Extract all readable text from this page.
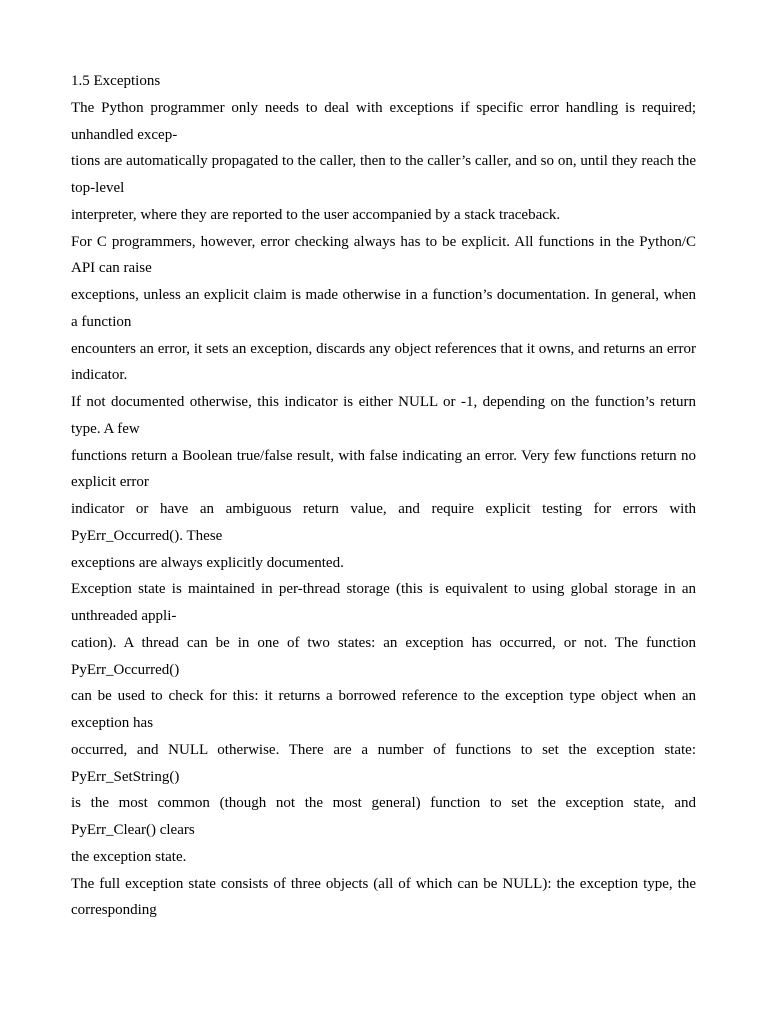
1.5 Exceptions

The Python programmer only needs to deal with exceptions if specific error handling is required; unhandled excep-

tions are automatically propagated to the caller, then to the caller’s caller, and so on, until they reach the top-level

interpreter, where they are reported to the user accompanied by a stack traceback.

For C programmers, however, error checking always has to be explicit. All functions in the Python/C API can raise

exceptions, unless an explicit claim is made otherwise in a function’s documentation. In general, when a function

encounters an error, it sets an exception, discards any object references that it owns, and returns an error indicator.

If not documented otherwise, this indicator is either NULL or -1, depending on the function’s return type. A few

functions return a Boolean true/false result, with false indicating an error. Very few functions return no explicit error

indicator or have an ambiguous return value, and require explicit testing for errors with PyErr_Occurred(). These

exceptions are always explicitly documented.

Exception state is maintained in per-thread storage (this is equivalent to using global storage in an unthreaded appli-

cation). A thread can be in one of two states: an exception has occurred, or not. The function PyErr_Occurred()

can be used to check for this: it returns a borrowed reference to the exception type object when an exception has

occurred, and NULL otherwise. There are a number of functions to set the exception state: PyErr_SetString()

is the most common (though not the most general) function to set the exception state, and PyErr_Clear() clears

the exception state.

The full exception state consists of three objects (all of which can be NULL): the exception type, the corresponding
